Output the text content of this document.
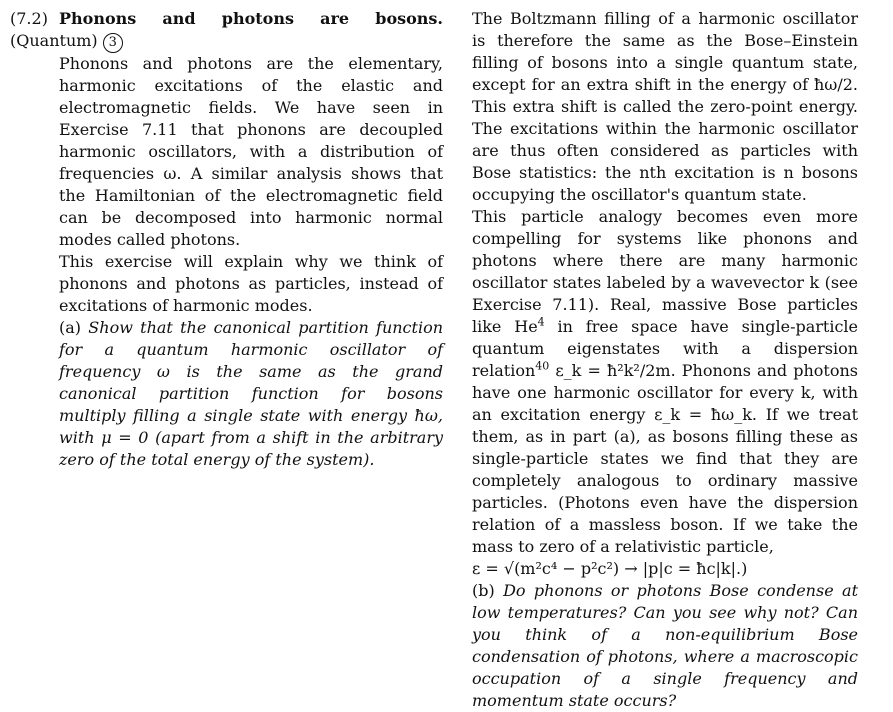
(7.2) Phonons and photons are bosons. (Quantum) 3

Phonons and photons are the elementary, harmonic excitations of the elastic and electromagnetic fields. We have seen in Exercise 7.11 that phonons are decoupled harmonic oscillators, with a distribution of frequencies ω. A similar analysis shows that the Hamiltonian of the electromagnetic field can be decomposed into harmonic normal modes called photons.

This exercise will explain why we think of phonons and photons as particles, instead of excitations of harmonic modes.

(a) Show that the canonical partition function for a quantum harmonic oscillator of frequency ω is the same as the grand canonical partition function for bosons multiply filling a single state with energy ħω, with μ = 0 (apart from a shift in the arbitrary zero of the total energy of the system).

The Boltzmann filling of a harmonic oscillator is therefore the same as the Bose–Einstein filling of bosons into a single quantum state, except for an extra shift in the energy of ħω/2. This extra shift is called the zero-point energy. The excitations within the harmonic oscillator are thus often considered as particles with Bose statistics: the nth excitation is n bosons occupying the oscillator's quantum state.

This particle analogy becomes even more compelling for systems like phonons and photons where there are many harmonic oscillator states labeled by a wavevector k (see Exercise 7.11). Real, massive Bose particles like He$^4$ in free space have single-particle quantum eigenstates with a dispersion relation$^{40}$ ε_k = ħ²k²/2m. Phonons and photons have one harmonic oscillator for every k, with an excitation energy ε_k = ħω_k. If we treat them, as in part (a), as bosons filling these as single-particle states we find that they are completely analogous to ordinary massive particles. (Photons even have the dispersion relation of a massless boson. If we take the mass to zero of a relativistic particle,

ε = √(m²c⁴ − p²c²) → |p|c = ħc|k|.)

(b) Do phonons or photons Bose condense at low temperatures? Can you see why not? Can you think of a non-equilibrium Bose condensation of photons, where a macroscopic occupation of a single frequency and momentum state occurs?
